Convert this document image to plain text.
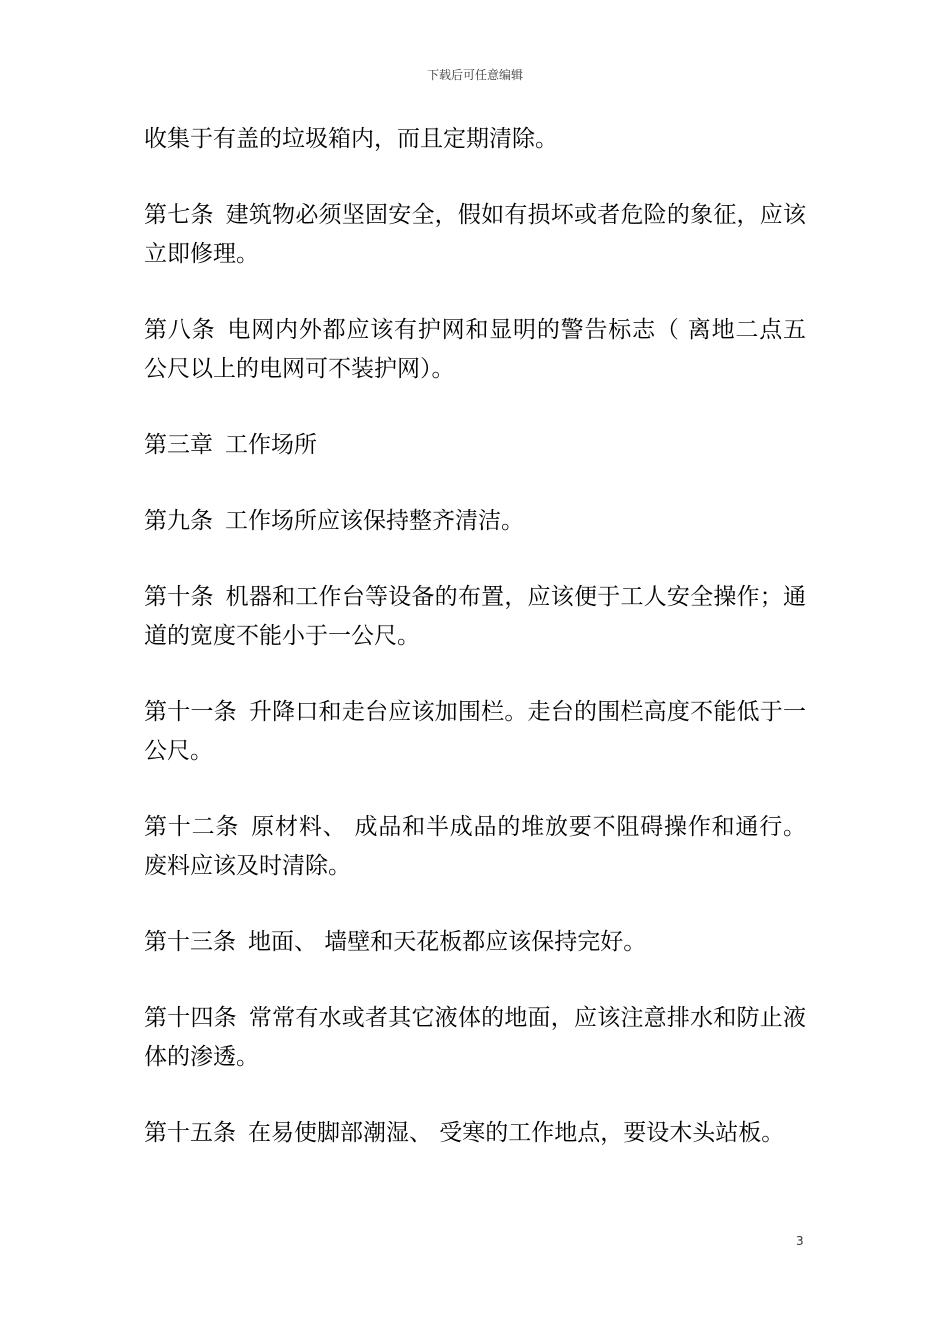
下载后可任意编辑

收集于有盖的垃圾箱内，而且定期清除。

第七条 建筑物必须坚固安全，假如有损坏或者危险的象征，应该立即修理。

第八条 电网内外都应该有护网和显明的警告标志（ 离地二点五公尺以上的电网可不装护网）。

第三章 工作场所

第九条 工作场所应该保持整齐清洁。

第十条 机器和工作台等设备的布置，应该便于工人安全操作；通道的宽度不能小于一公尺。

第十一条 升降口和走台应该加围栏。走台的围栏高度不能低于一公尺。

第十二条 原材料、 成品和半成品的堆放要不阻碍操作和通行。废料应该及时清除。

第十三条 地面、 墙壁和天花板都应该保持完好。

第十四条 常常有水或者其它液体的地面，应该注意排水和防止液体的渗透。

第十五条 在易使脚部潮湿、 受寒的工作地点，要设木头站板。

3
